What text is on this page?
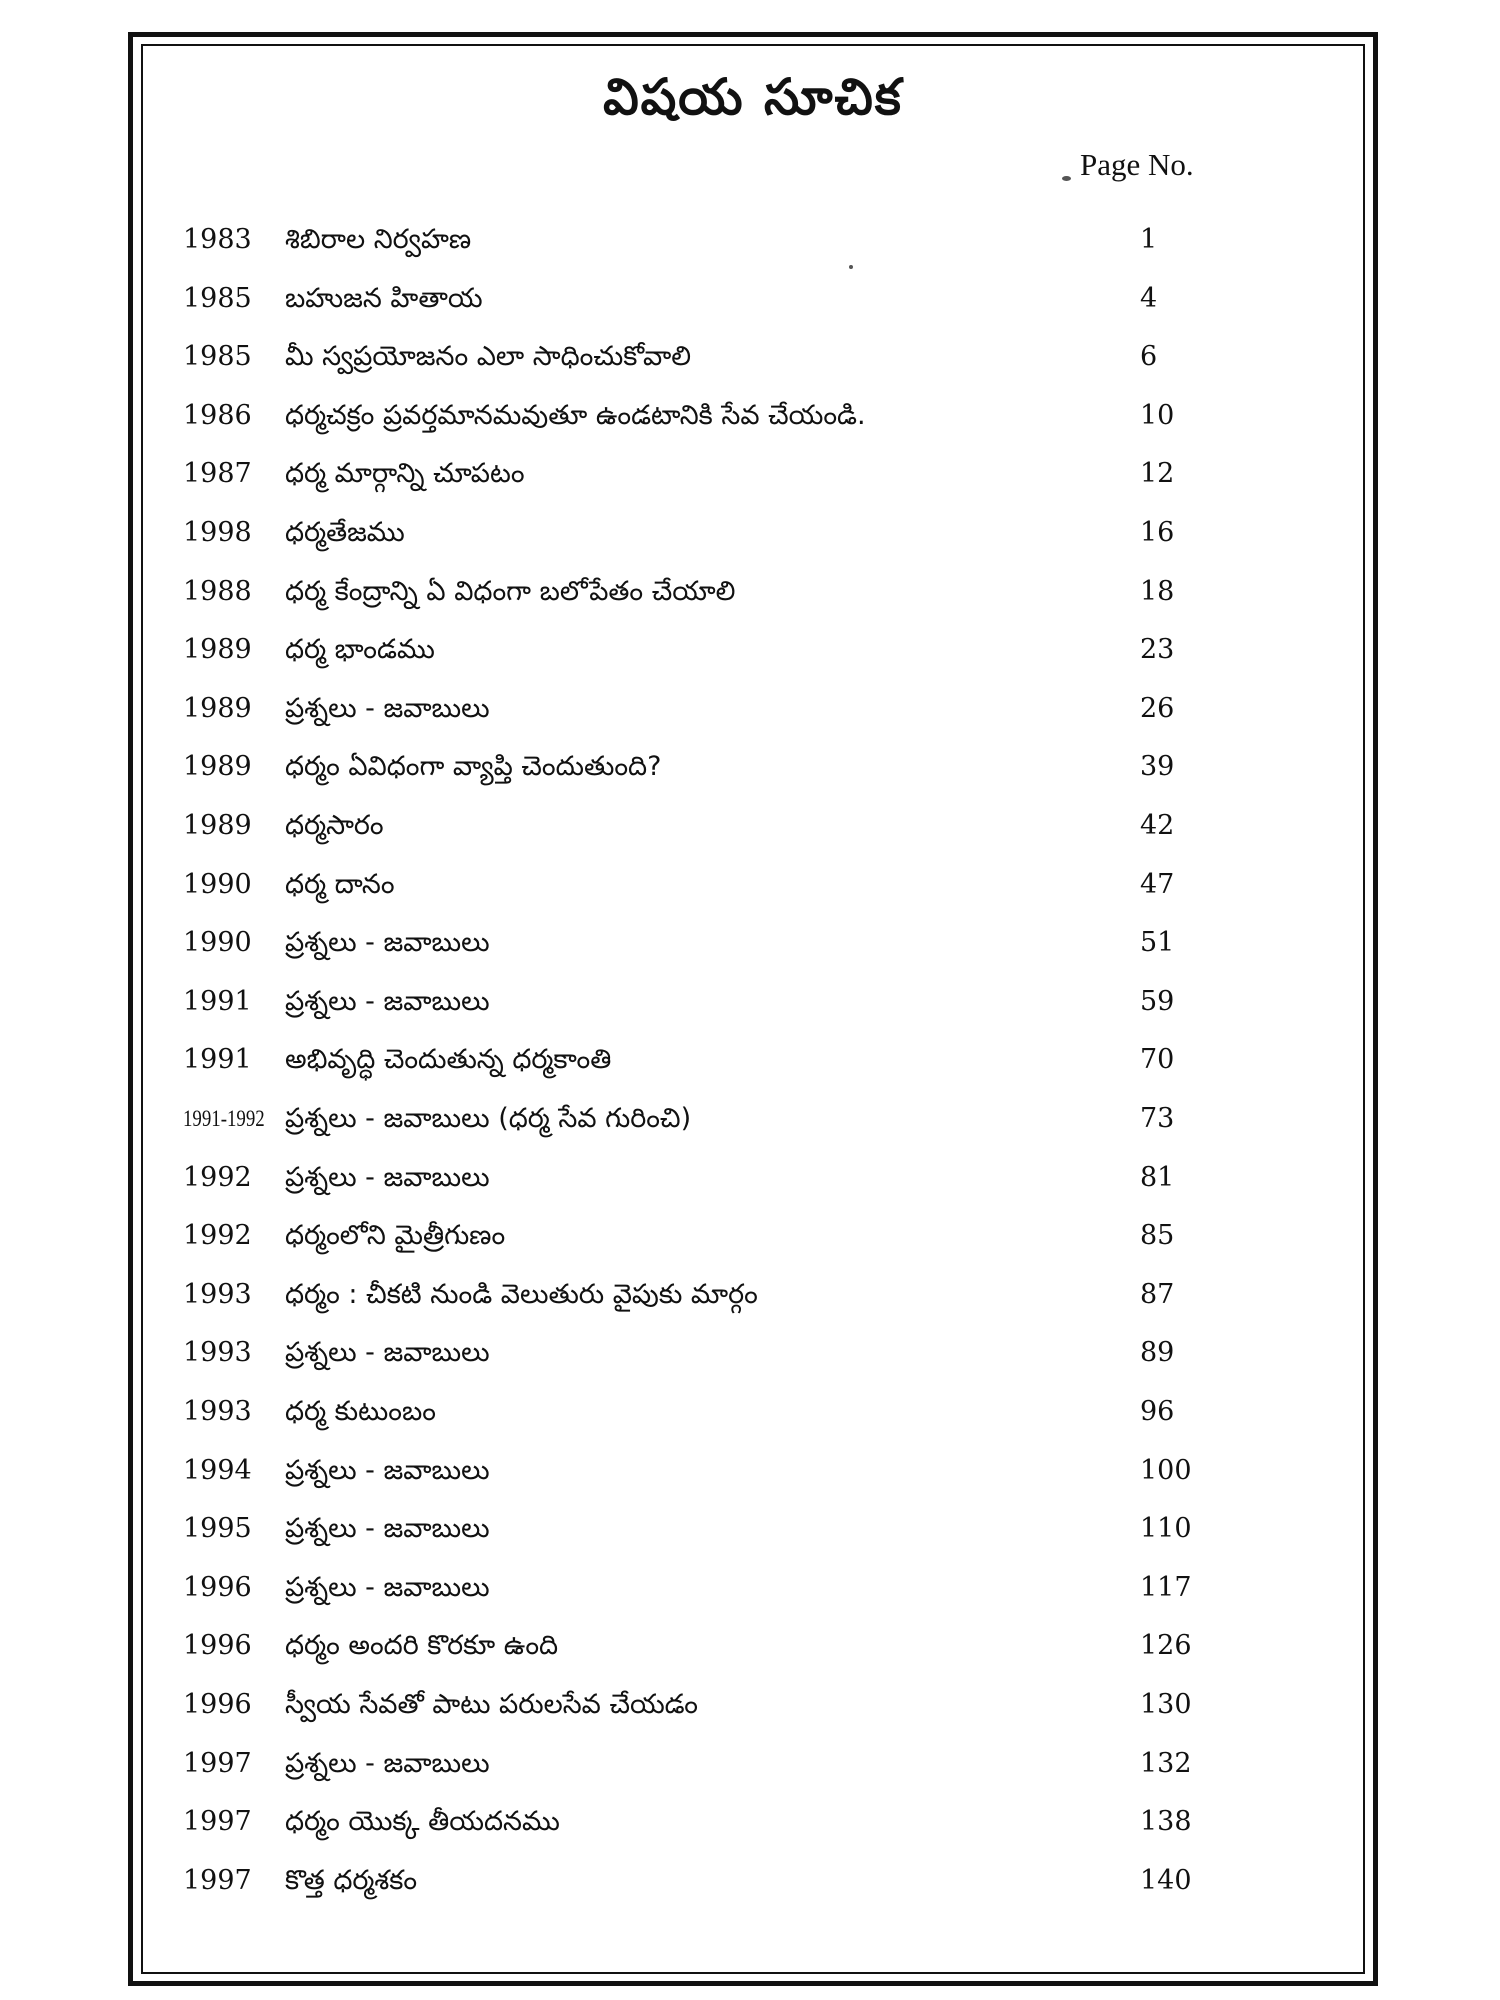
విషయ సూచిక
Page No.
1983 శిబిరాల నిర్వహణ	1
1985 బహుజన హితాయ	4
1985 మీ స్వప్రయోజనం ఎలా సాధించుకోవాలి	6
1986 ధర్మచక్రం ప్రవర్తమానమవుతూ ఉండటానికి సేవ చేయండి.	10
1987 ధర్మ మార్గాన్ని చూపటం	12
1998 ధర్మతేజము	16
1988 ధర్మ కేంద్రాన్ని ఏ విధంగా బలోపేతం చేయాలి	18
1989 ధర్మ భాండము	23
1989 ప్రశ్నలు - జవాబులు	26
1989 ధర్మం ఏవిధంగా వ్యాప్తి చెందుతుంది?	39
1989 ధర్మసారం	42
1990 ధర్మ దానం	47
1990 ప్రశ్నలు - జవాబులు	51
1991 ప్రశ్నలు - జవాబులు	59
1991 అభివృద్ధి చెందుతున్న ధర్మకాంతి	70
1991-1992 ప్రశ్నలు - జవాబులు (ధర్మ సేవ గురించి)	73
1992 ప్రశ్నలు - జవాబులు	81
1992 ధర్మంలోని మైత్రీగుణం	85
1993 ధర్మం : చీకటి నుండి వెలుతురు వైపుకు మార్గం	87
1993 ప్రశ్నలు - జవాబులు	89
1993 ధర్మ కుటుంబం	96
1994 ప్రశ్నలు - జవాబులు	100
1995 ప్రశ్నలు - జవాబులు	110
1996 ప్రశ్నలు - జవాబులు	117
1996 ధర్మం అందరి కొరకూ ఉంది	126
1996 స్వీయ సేవతో పాటు పరులసేవ చేయడం	130
1997 ప్రశ్నలు - జవాబులు	132
1997 ధర్మం యొక్క తీయదనము	138
1997 కొత్త ధర్మశకం	140
